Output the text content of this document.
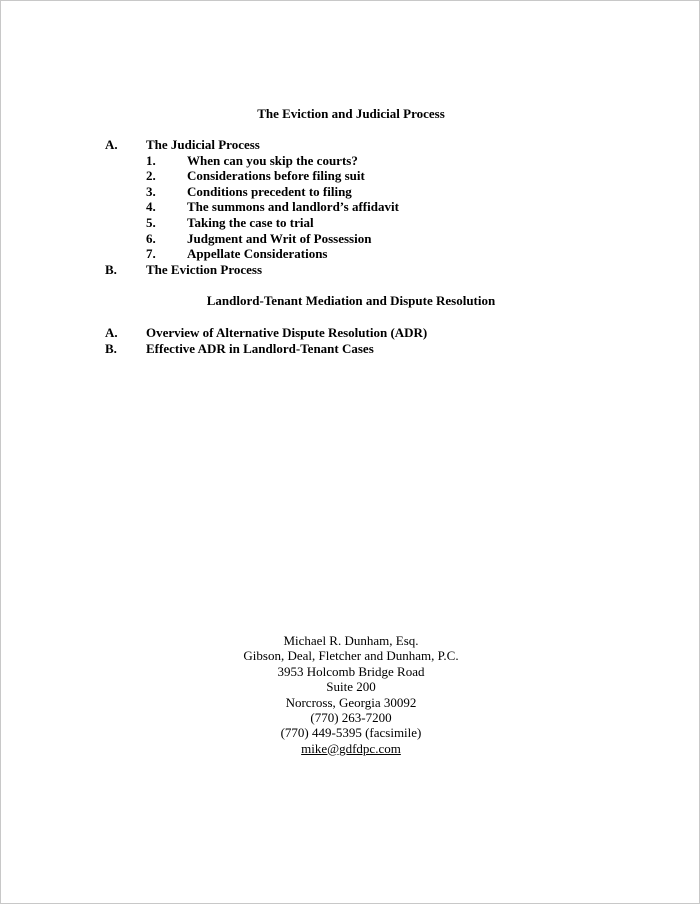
The Eviction and Judicial Process
A. The Judicial Process
1. When can you skip the courts?
2. Considerations before filing suit
3. Conditions precedent to filing
4. The summons and landlord’s affidavit
5. Taking the case to trial
6. Judgment and Writ of Possession
7. Appellate Considerations
B. The Eviction Process
Landlord-Tenant Mediation and Dispute Resolution
A. Overview of Alternative Dispute Resolution (ADR)
B. Effective ADR in Landlord-Tenant Cases
Michael R. Dunham, Esq.
Gibson, Deal, Fletcher and Dunham, P.C.
3953 Holcomb Bridge Road
Suite 200
Norcross, Georgia 30092
(770) 263-7200
(770) 449-5395 (facsimile)
mike@gdfdpc.com
